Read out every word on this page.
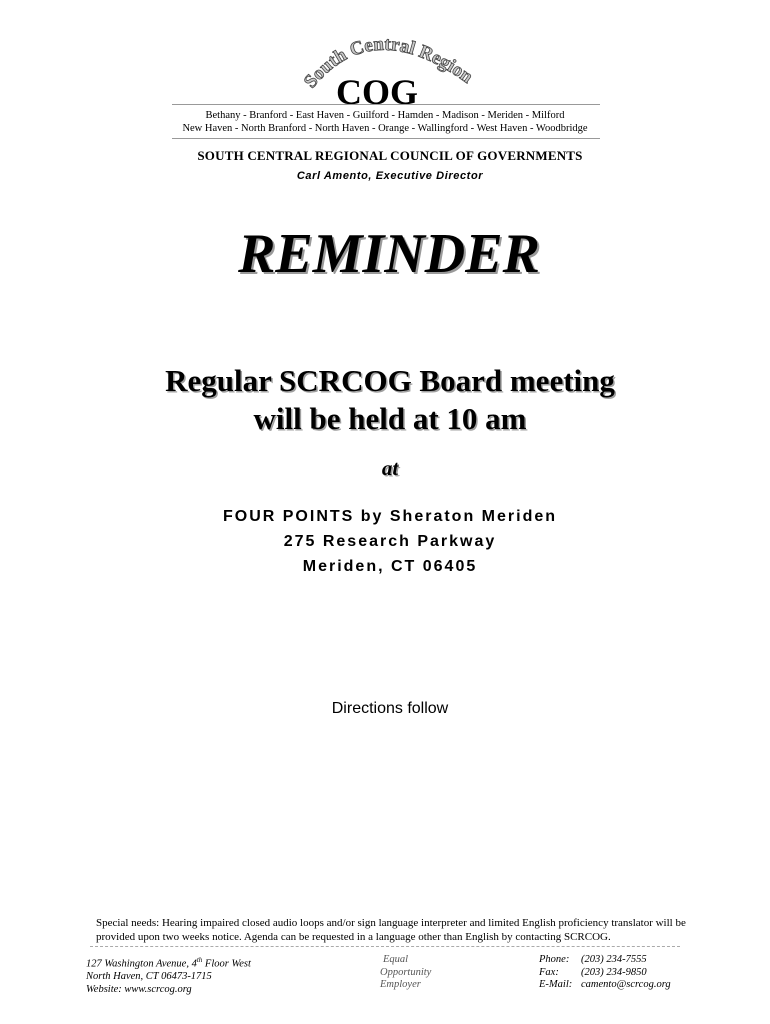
South Central Region
COG
Bethany - Branford - East Haven - Guilford - Hamden - Madison - Meriden - Milford
New Haven - North Branford - North Haven - Orange - Wallingford - West Haven - Woodbridge
SOUTH CENTRAL REGIONAL COUNCIL OF GOVERNMENTS
Carl Amento, Executive Director
REMINDER
Regular SCRCOG Board meeting
will be held at 10 am
at
FOUR POINTS by Sheraton Meriden
275 Research Parkway
Meriden, CT 06405
Directions follow
Special needs: Hearing impaired closed audio loops and/or sign language interpreter and limited English proficiency translator will be provided upon two weeks notice. Agenda can be requested in a language other than English by contacting SCRCOG.
127 Washington Avenue, 4th Floor West
North Haven, CT 06473-1715
Website: www.scrcog.org
Equal
Opportunity
Employer
Phone: (203) 234-7555
Fax: (203) 234-9850
E-Mail: camento@scrcog.org
